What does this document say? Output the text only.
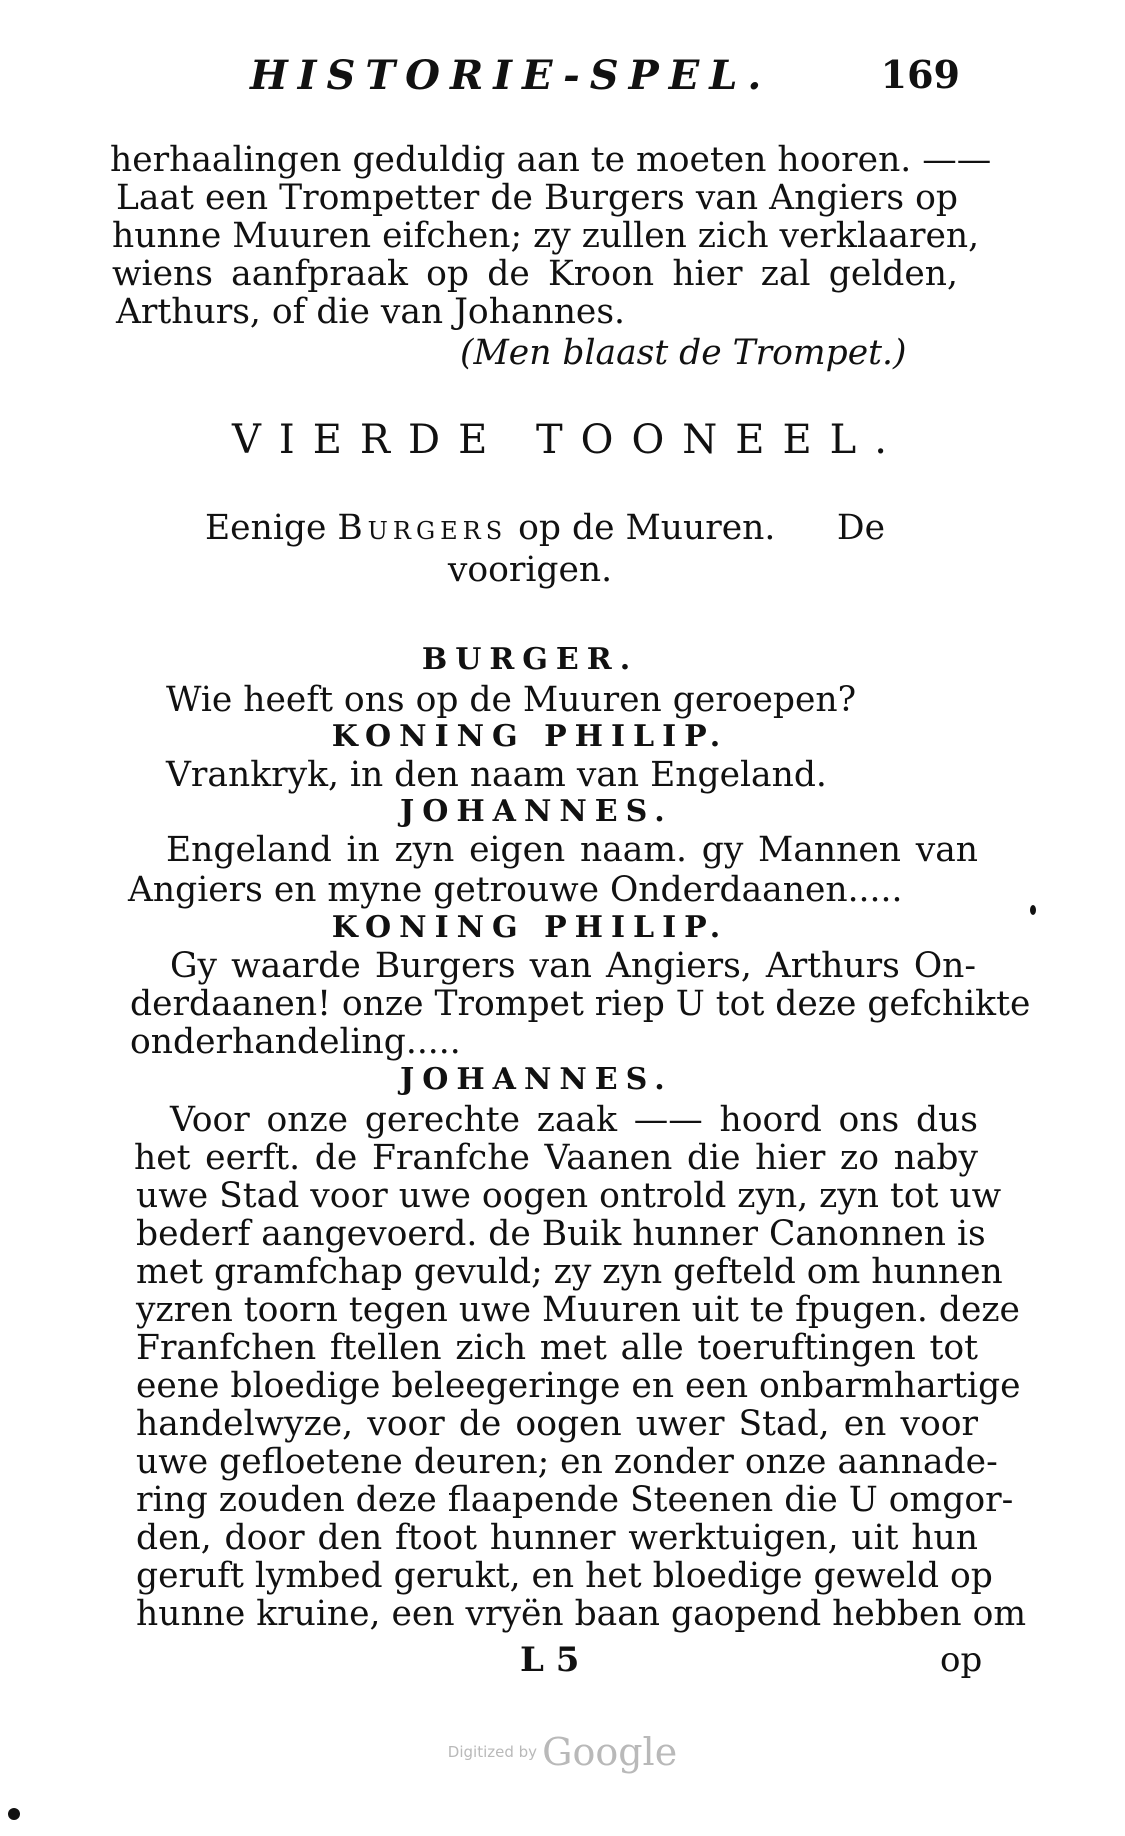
HISTORIE-SPEL.	169
herhaalingen geduldig aan te moeten hooren. ——
Laat een Trompetter de Burgers van Angiers op
hunne Muuren eifchen; zy zullen zich verklaaren,
wiens aanfpraak op de Kroon hier zal gelden,
Arthurs, of die van Johannes.
(Men blaast de Trompet.)
VIERDE TOONEEL.
Eenige Burgers op de Muuren. De
voorigen.
BURGER.
Wie heeft ons op de Muuren geroepen?
KONING PHILIP.
Vrankryk, in den naam van Engeland.
JOHANNES.
Engeland in zyn eigen naam. gy Mannen van
Angiers en myne getrouwe Onderdaanen.....
KONING PHILIP.
Gy waarde Burgers van Angiers, Arthurs On-
derdaanen! onze Trompet riep U tot deze gefchikte
onderhandeling.....
JOHANNES.
Voor onze gerechte zaak —— hoord ons dus
het eerft. de Franfche Vaanen die hier zo naby
uwe Stad voor uwe oogen ontrold zyn, zyn tot uw
bederf aangevoerd. de Buik hunner Canonnen is
met gramfchap gevuld; zy zyn gefteld om hunnen
yzren toorn tegen uwe Muuren uit te fpugen. deze
Franfchen ftellen zich met alle toeruftingen tot
eene bloedige beleegeringe en een onbarmhartige
handelwyze, voor de oogen uwer Stad, en voor
uwe gefloetene deuren; en zonder onze aannade-
ring zouden deze flaapende Steenen die U omgor-
den, door den ftoot hunner werktuigen, uit hun
geruft lymbed gerukt, en het bloedige geweld op
hunne kruine, een vryën baan gaopend hebben om
L 5	op
Digitized by Google
